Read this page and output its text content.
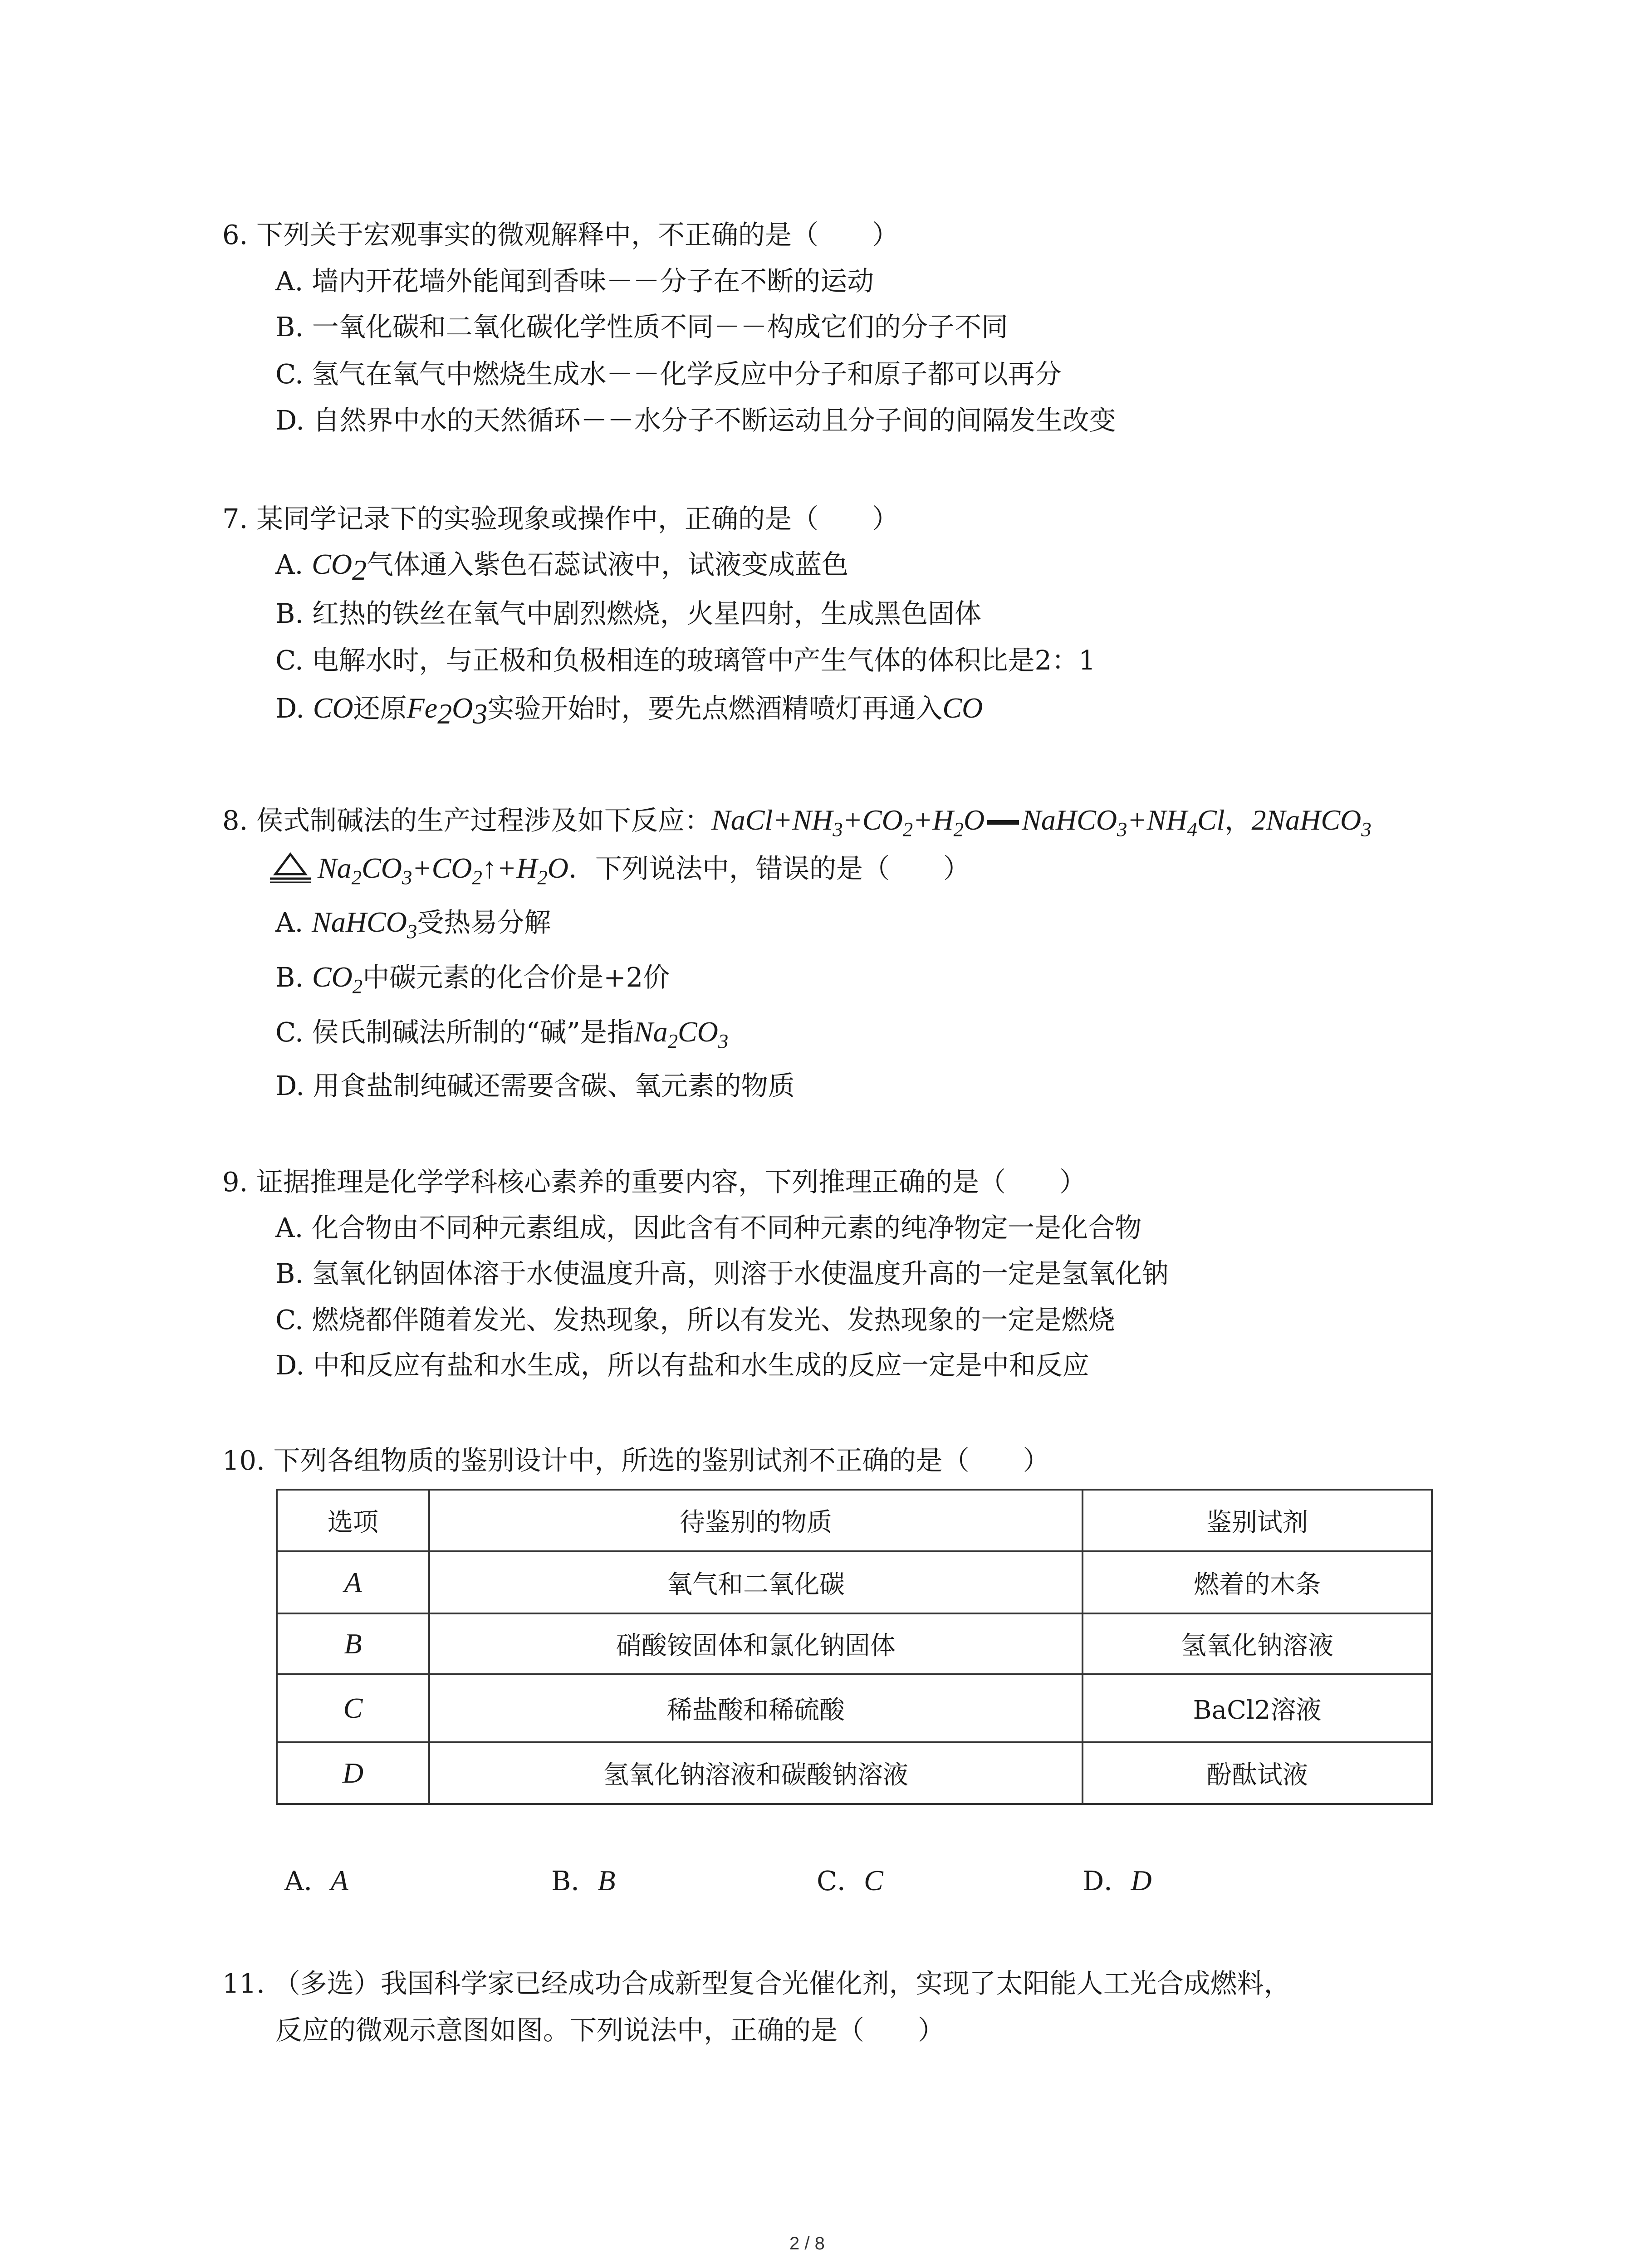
6. 下列关于宏观事实的微观解释中，不正确的是（　　）
A. 墙内开花墙外能闻到香味－－分子在不断的运动
B. 一氧化碳和二氧化碳化学性质不同－－构成它们的分子不同
C. 氢气在氧气中燃烧生成水－－化学反应中分子和原子都可以再分
D. 自然界中水的天然循环－－水分子不断运动且分子间的间隔发生改变
7. 某同学记录下的实验现象或操作中，正确的是（　　）
A. $CO_2$气体通入紫色石蕊试液中，试液变成蓝色
B. 红热的铁丝在氧气中剧烈燃烧，火星四射，生成黑色固体
C. 电解水时，与正极和负极相连的玻璃管中产生气体的体积比是2：1
D. CO还原$Fe_2O_3$实验开始时，要先点燃酒精喷灯再通入CO
8. 侯式制碱法的生产过程涉及如下反应：$NaCl+NH_3+CO_2+H_2O$ $NaHCO_3+NH_4Cl$，2NaHCO$_3$
$Na_2CO_3+CO_2↑+H_2O$．下列说法中，错误的是（　　）
A. NaHCO$_3$受热易分解
B. $CO_2$中碳元素的化合价是+2价
C. 侯氏制碱法所制的“碱”是指$Na_2CO_3$
D. 用食盐制纯碱还需要含碳、氧元素的物质
9. 证据推理是化学学科核心素养的重要内容，下列推理正确的是（　　）
A. 化合物由不同种元素组成，因此含有不同种元素的纯净物定一是化合物
B. 氢氧化钠固体溶于水使温度升高，则溶于水使温度升高的一定是氢氧化钠
C. 燃烧都伴随着发光、发热现象，所以有发光、发热现象的一定是燃烧
D. 中和反应有盐和水生成，所以有盐和水生成的反应一定是中和反应
10. 下列各组物质的鉴别设计中，所选的鉴别试剂不正确的是（　　）
选项	待鉴别的物质	鉴别试剂
A	氧气和二氧化碳	燃着的木条
B	硝酸铵固体和氯化钠固体	氢氧化钠溶液
C	稀盐酸和稀硫酸	BaCl2溶液
D	氢氧化钠溶液和碳酸钠溶液	酚酞试液
A．A	B．B	C．C	D．D
11. （多选）我国科学家已经成功合成新型复合光催化剂，实现了太阳能人工光合成燃料，
反应的微观示意图如图。下列说法中，正确的是（　　）
2 / 8
